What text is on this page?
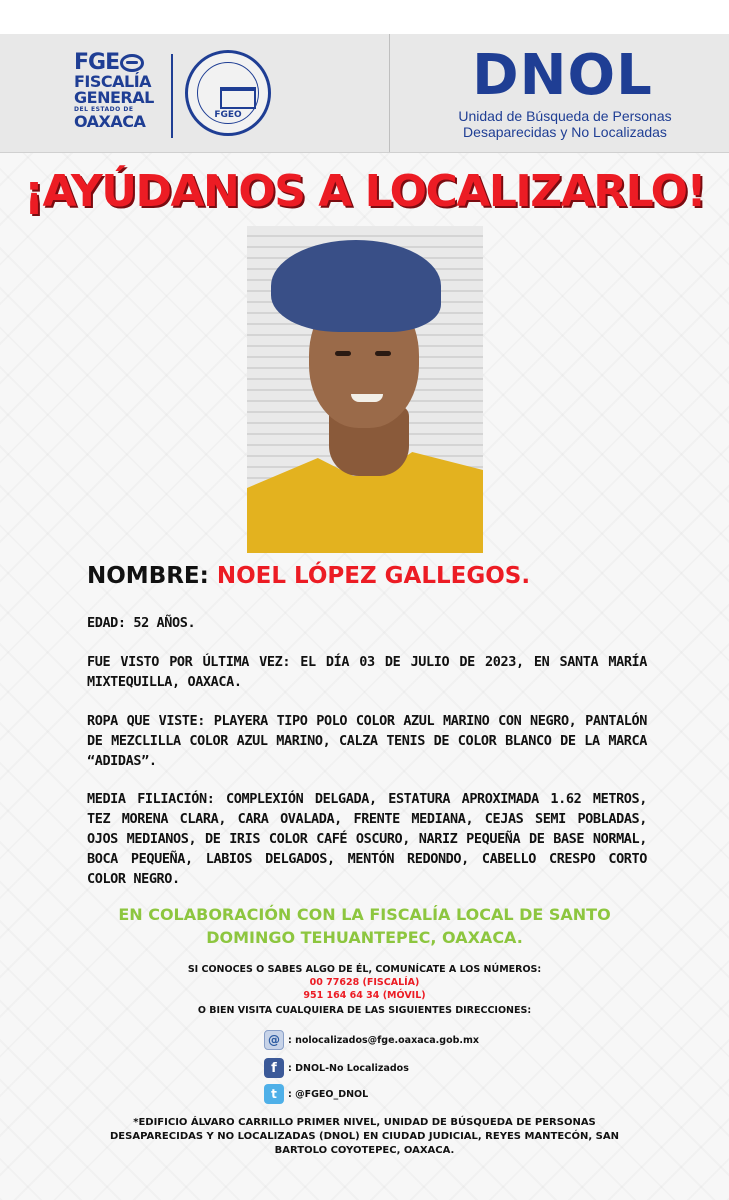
FGE
FISCALÍA
GENERAL
DEL ESTADO DE
OAXACA	FGEO
DNOL
Unidad de Búsqueda de Personas
Desaparecidas y No Localizadas
¡AYÚDANOS A LOCALIZARLO!
NOMBRE: NOEL LÓPEZ GALLEGOS.
EDAD: 52 AÑOS.
FUE VISTO POR ÚLTIMA VEZ: EL DÍA 03 DE JULIO DE 2023, EN SANTA MARÍA MIXTEQUILLA, OAXACA.
ROPA QUE VISTE: PLAYERA TIPO POLO COLOR AZUL MARINO CON NEGRO, PANTALÓN DE MEZCLILLA COLOR AZUL MARINO, CALZA TENIS DE COLOR BLANCO DE LA MARCA “ADIDAS”.
MEDIA FILIACIÓN: COMPLEXIÓN DELGADA, ESTATURA APROXIMADA 1.62 METROS, TEZ MORENA CLARA, CARA OVALADA, FRENTE MEDIANA, CEJAS SEMI POBLADAS, OJOS MEDIANOS, DE IRIS COLOR CAFÉ OSCURO, NARIZ PEQUEÑA DE BASE NORMAL, BOCA PEQUEÑA, LABIOS DELGADOS, MENTÓN REDONDO, CABELLO CRESPO CORTO COLOR NEGRO.
EN COLABORACIÓN CON LA FISCALÍA LOCAL DE SANTO
DOMINGO TEHUANTEPEC, OAXACA.
SI CONOCES O SABES ALGO DE ÉL, COMUNÍCATE A LOS NÚMEROS:
00 77628 (FISCALÍA)
951 164 64 34 (MÓVIL)
O BIEN VISITA CUALQUIERA DE LAS SIGUIENTES DIRECCIONES:
@ : nolocalizados@fge.oaxaca.gob.mx
f	: DNOL-No Localizados
t	: @FGEO_DNOL
*EDIFICIO ÁLVARO CARRILLO PRIMER NIVEL, UNIDAD DE BÚSQUEDA DE PERSONAS DESAPARECIDAS Y NO LOCALIZADAS (DNOL) EN CIUDAD JUDICIAL, REYES MANTECÓN, SAN BARTOLO COYOTEPEC, OAXACA.
